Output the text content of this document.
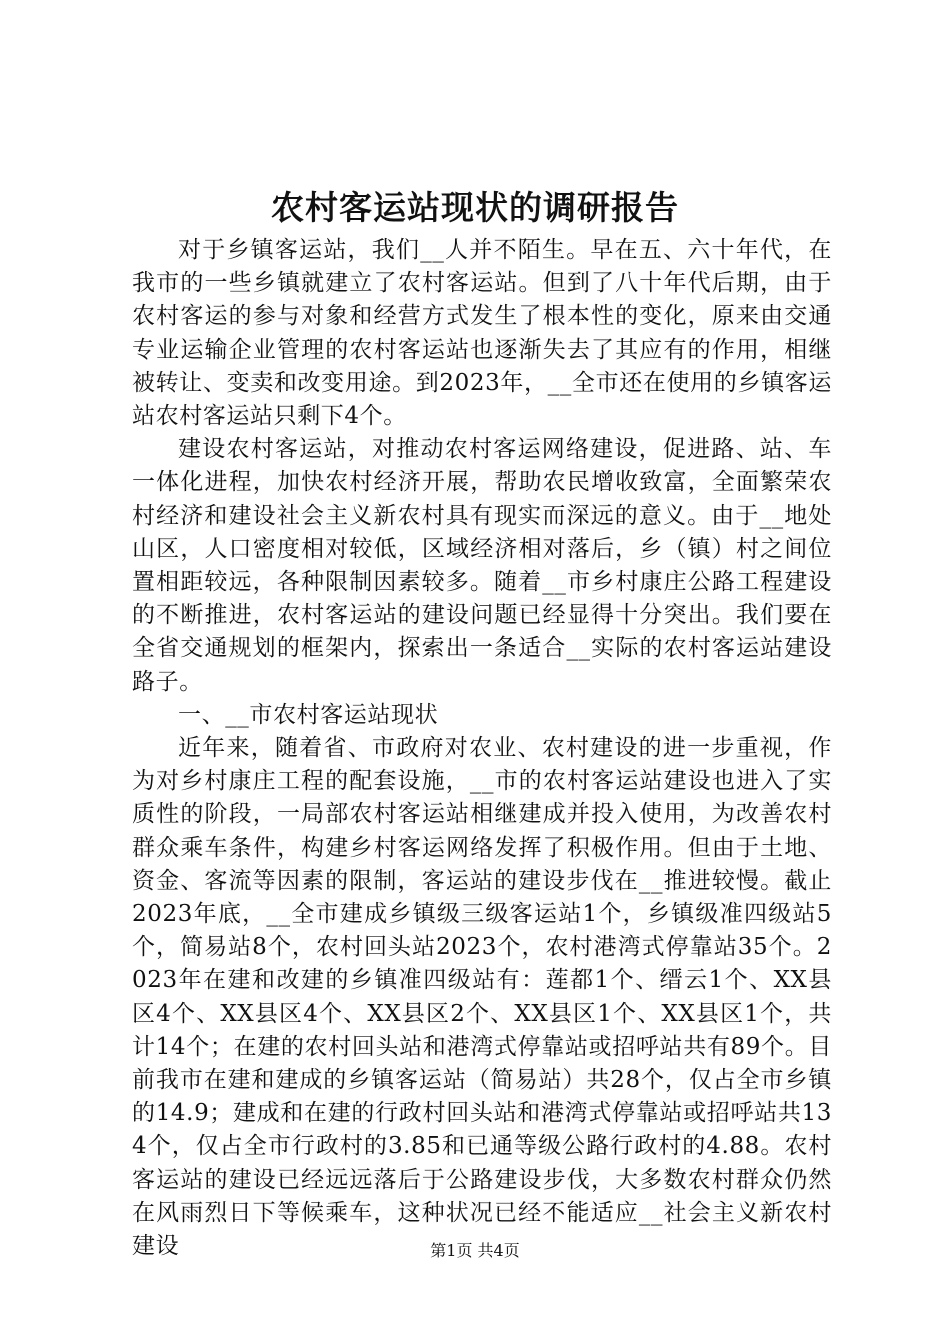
农村客运站现状的调研报告

对于乡镇客运站，我们__人并不陌生。早在五、六十年代，在我市的一些乡镇就建立了农村客运站。但到了八十年代后期，由于农村客运的参与对象和经营方式发生了根本性的变化，原来由交通专业运输企业管理的农村客运站也逐渐失去了其应有的作用，相继被转让、变卖和改变用途。到2023年，__全市还在使用的乡镇客运站农村客运站只剩下4个。

建设农村客运站，对推动农村客运网络建设，促进路、站、车一体化进程，加快农村经济开展，帮助农民增收致富，全面繁荣农村经济和建设社会主义新农村具有现实而深远的意义。由于__地处山区，人口密度相对较低，区域经济相对落后，乡（镇）村之间位置相距较远，各种限制因素较多。随着__市乡村康庄公路工程建设的不断推进，农村客运站的建设问题已经显得十分突出。我们要在全省交通规划的框架内，探索出一条适合__实际的农村客运站建设路子。

一、__市农村客运站现状

近年来，随着省、市政府对农业、农村建设的进一步重视，作为对乡村康庄工程的配套设施，__市的农村客运站建设也进入了实质性的阶段，一局部农村客运站相继建成并投入使用，为改善农村群众乘车条件，构建乡村客运网络发挥了积极作用。但由于土地、资金、客流等因素的限制，客运站的建设步伐在__推进较慢。截止2023年底，__全市建成乡镇级三级客运站1个，乡镇级准四级站5个，简易站8个，农村回头站2023个，农村港湾式停靠站35个。2023年在建和改建的乡镇准四级站有：莲都1个、缙云1个、XX县区4个、XX县区4个、XX县区2个、XX县区1个、XX县区1个，共计14个；在建的农村回头站和港湾式停靠站或招呼站共有89个。目前我市在建和建成的乡镇客运站（简易站）共28个，仅占全市乡镇的14.9；建成和在建的行政村回头站和港湾式停靠站或招呼站共134个，仅占全市行政村的3.85和已通等级公路行政村的4.88。农村客运站的建设已经远远落后于公路建设步伐，大多数农村群众仍然在风雨烈日下等候乘车，这种状况已经不能适应__社会主义新农村建设	第1页 共4页
